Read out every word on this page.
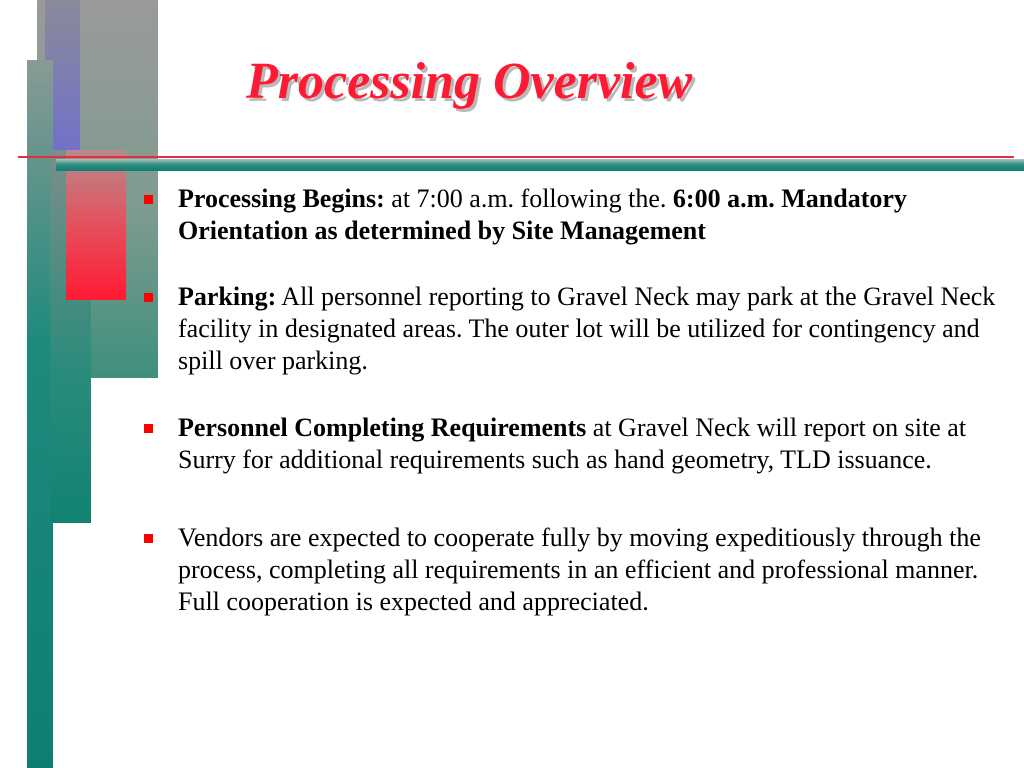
Processing Overview
Processing Begins: at 7:00 a.m. following the. 6:00 a.m. Mandatory Orientation as determined by Site Management
Parking: All personnel reporting to Gravel Neck may park at the Gravel Neck facility in designated areas. The outer lot will be utilized for contingency and spill over parking.
Personnel Completing Requirements at Gravel Neck will report on site at Surry for additional requirements such as hand geometry, TLD issuance.
Vendors are expected to cooperate fully by moving expeditiously through the process, completing all requirements in an efficient and professional manner. Full cooperation is expected and appreciated.
